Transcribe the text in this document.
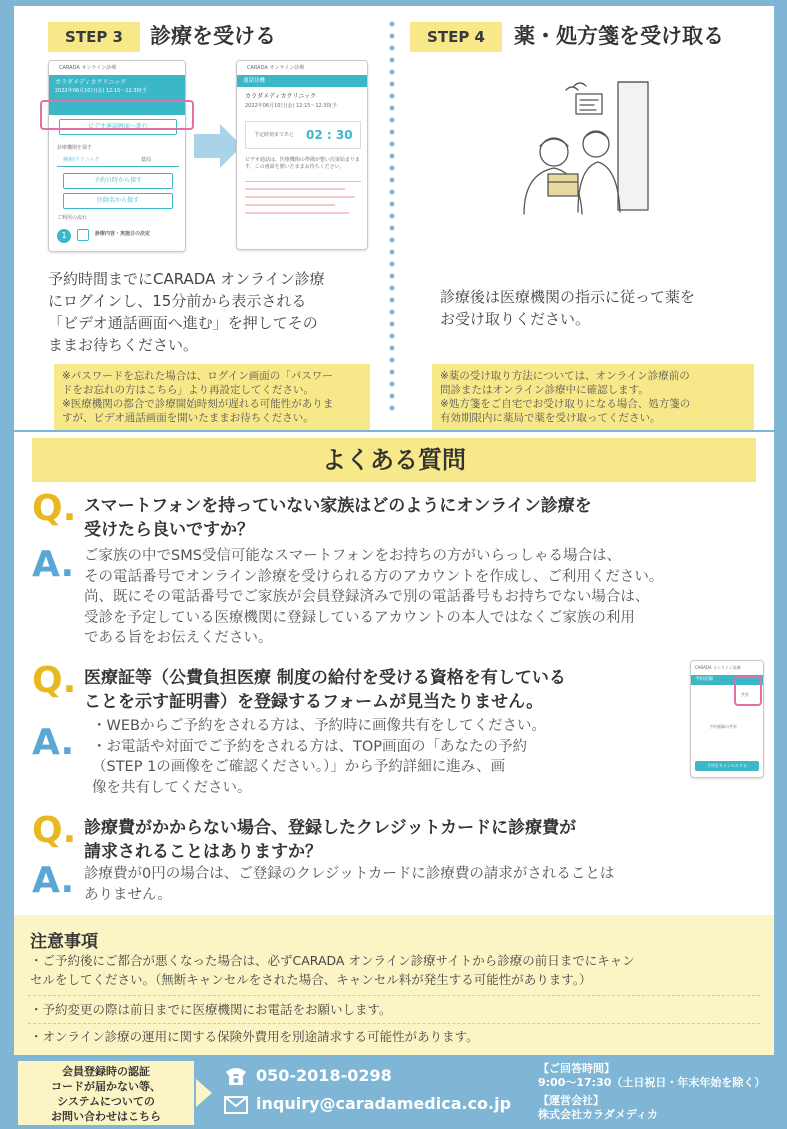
STEP 3	診療を受ける
CARADA オンライン診療
カラダメディカクリニック
2022年06月10日(金) 12:15〜12:30(予
ビデオ通話画面へ進む
診療機関を探す
検索/クリニック	薬局
予約日時から探す
医師名から探す
ご利用の流れ
1	診療内容・実施日の決定
CARADA オンライン診療
通話待機
カラダメディカクリニック
2022年06月10日(金) 12:15〜12:30(予
予定時刻まであと 02 : 30
ビデオ通話は、医療機関の準備が整い次第始まります。この画面を開いたままお待ちください。
予約時間までにCARADA オンライン診療
にログインし、15分前から表示される
「ビデオ通話画面へ進む」を押してその
ままお待ちください。
※パスワードを忘れた場合は、ログイン画面の「パスワー
ドをお忘れの方はこちら」より再設定してください。
※医療機関の都合で診療開始時刻が遅れる可能性がありま
すが、ビデオ通話画面を開いたままお待ちください。
STEP 4	薬・処方箋を受け取る
診療後は医療機関の指示に従って薬を
お受け取りください。
※薬の受け取り方法については、オンライン診療前の
問診またはオンライン診療中に確認します。
※処方箋をご自宅でお受け取りになる場合、処方箋の
有効期限内に薬局で薬を受け取ってください。
よくある質問
Q. スマートフォンを持っていない家族はどのようにオンライン診療を
受けたら良いですか？
A. ご家族の中でSMS受信可能なスマートフォンをお持ちの方がいらっしゃる場合は、
その電話番号でオンライン診療を受けられる方のアカウントを作成し、ご利用ください。
尚、既にその電話番号でご家族が会員登録済みで別の電話番号もお持ちでない場合は、
受診を予定している医療機関に登録しているアカウントの本人ではなくご家族の利用
である旨をお伝えください。
Q. 医療証等（公費負担医療 制度の給付を受ける資格を有している
ことを示す証明書）を登録するフォームが見当たりません。
A. ・WEBからご予約をされる方は、予約時に画像共有をしてください。
・お電話や対面でご予約をされる方は、TOP画面の「あなたの予約
（STEP 1の画像をご確認ください。）」から予約詳細に進み、画
像を共有してください。
CARADA オンライン診療
予約詳細
共有
予約画像の共有
予約をキャンセルする
Q. 診療費がかからない場合、登録したクレジットカードに診療費が
請求されることはありますか？
A. 診療費が0円の場合は、ご登録のクレジットカードに診療費の請求がされることは
ありません。
注意事項
・ご予約後にご都合が悪くなった場合は、必ずCARADA オンライン診療サイトから診療の前日までにキャン
セルをしてください。（無断キャンセルをされた場合、キャンセル料が発生する可能性があります。）
・予約変更の際は前日までに医療機関にお電話をお願いします。
・オンライン診療の運用に関する保険外費用を別途請求する可能性があります。
会員登録時の認証
コードが届かない等、
システムについての
お問い合わせはこちら
050-2018-0298
inquiry@caradamedica.co.jp
【ご回答時間】
9:00〜17:30（土日祝日・年末年始を除く）
【運営会社】
株式会社カラダメディカ
